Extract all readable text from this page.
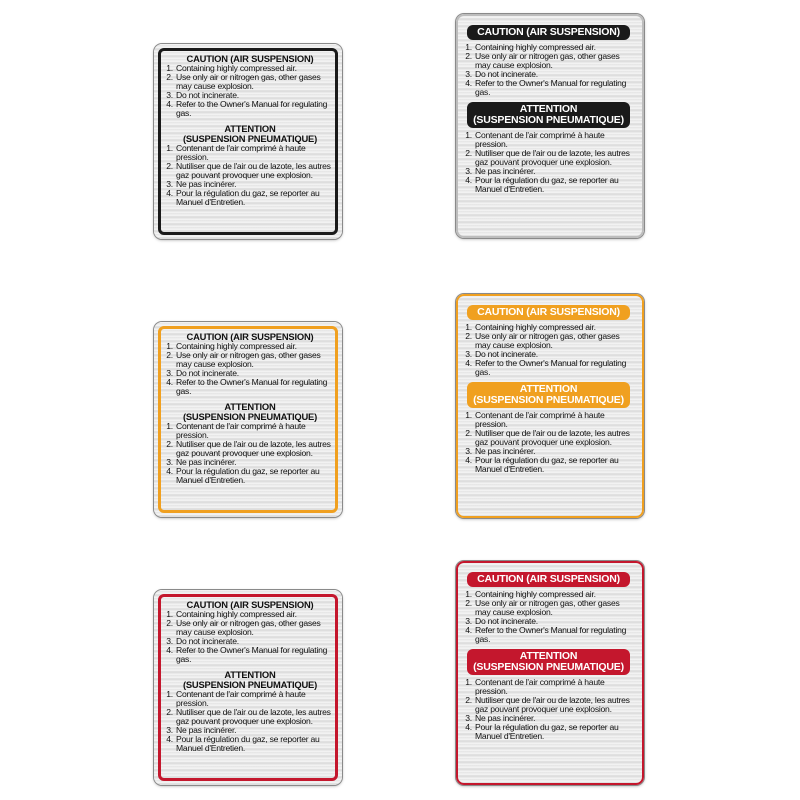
CAUTION (AIR SUSPENSION)
1. Containing highly compressed air.
2. Use only air or nitrogen gas, other gases may cause explosion.
3. Do not incinerate.
4. Refer to the Owner's Manual for regulating gas.
ATTENTION
(SUSPENSION PNEUMATIQUE)
1. Contenant de l'air comprimé à haute pression.
2. Nutiliser que de l'air ou de lazote, les autres gaz pouvant provoquer une explosion.
3. Ne pas incinérer.
4. Pour la régulation du gaz, se reporter au Manuel d'Entretien.
CAUTION (AIR SUSPENSION)
1. Containing highly compressed air.
2. Use only air or nitrogen gas, other gases may cause explosion.
3. Do not incinerate.
4. Refer to the Owner's Manual for regulating gas.
ATTENTION
(SUSPENSION PNEUMATIQUE)
1. Contenant de l'air comprimé à haute pression.
2. Nutiliser que de l'air ou de lazote, les autres gaz pouvant provoquer une explosion.
3. Ne pas incinérer.
4. Pour la régulation du gaz, se reporter au Manuel d'Entretien.
CAUTION (AIR SUSPENSION)
1. Containing highly compressed air.
2. Use only air or nitrogen gas, other gases may cause explosion.
3. Do not incinerate.
4. Refer to the Owner's Manual for regulating gas.
ATTENTION
(SUSPENSION PNEUMATIQUE)
1. Contenant de l'air comprimé à haute pression.
2. Nutiliser que de l'air ou de lazote, les autres gaz pouvant provoquer une explosion.
3. Ne pas incinérer.
4. Pour la régulation du gaz, se reporter au Manuel d'Entretien.
CAUTION (AIR SUSPENSION)
1. Containing highly compressed air.
2. Use only air or nitrogen gas, other gases may cause explosion.
3. Do not incinerate.
4. Refer to the Owner's Manual for regulating gas.
ATTENTION
(SUSPENSION PNEUMATIQUE)
1. Contenant de l'air comprimé à haute pression.
2. Nutiliser que de l'air ou de lazote, les autres gaz pouvant provoquer une explosion.
3. Ne pas incinérer.
4. Pour la régulation du gaz, se reporter au Manuel d'Entretien.
CAUTION (AIR SUSPENSION)
1. Containing highly compressed air.
2. Use only air or nitrogen gas, other gases may cause explosion.
3. Do not incinerate.
4. Refer to the Owner's Manual for regulating gas.
ATTENTION
(SUSPENSION PNEUMATIQUE)
1. Contenant de l'air comprimé à haute pression.
2. Nutiliser que de l'air ou de lazote, les autres gaz pouvant provoquer une explosion.
3. Ne pas incinérer.
4. Pour la régulation du gaz, se reporter au Manuel d'Entretien.
CAUTION (AIR SUSPENSION)
1. Containing highly compressed air.
2. Use only air or nitrogen gas, other gases may cause explosion.
3. Do not incinerate.
4. Refer to the Owner's Manual for regulating gas.
ATTENTION
(SUSPENSION PNEUMATIQUE)
1. Contenant de l'air comprimé à haute pression.
2. Nutiliser que de l'air ou de lazote, les autres gaz pouvant provoquer une explosion.
3. Ne pas incinérer.
4. Pour la régulation du gaz, se reporter au Manuel d'Entretien.
